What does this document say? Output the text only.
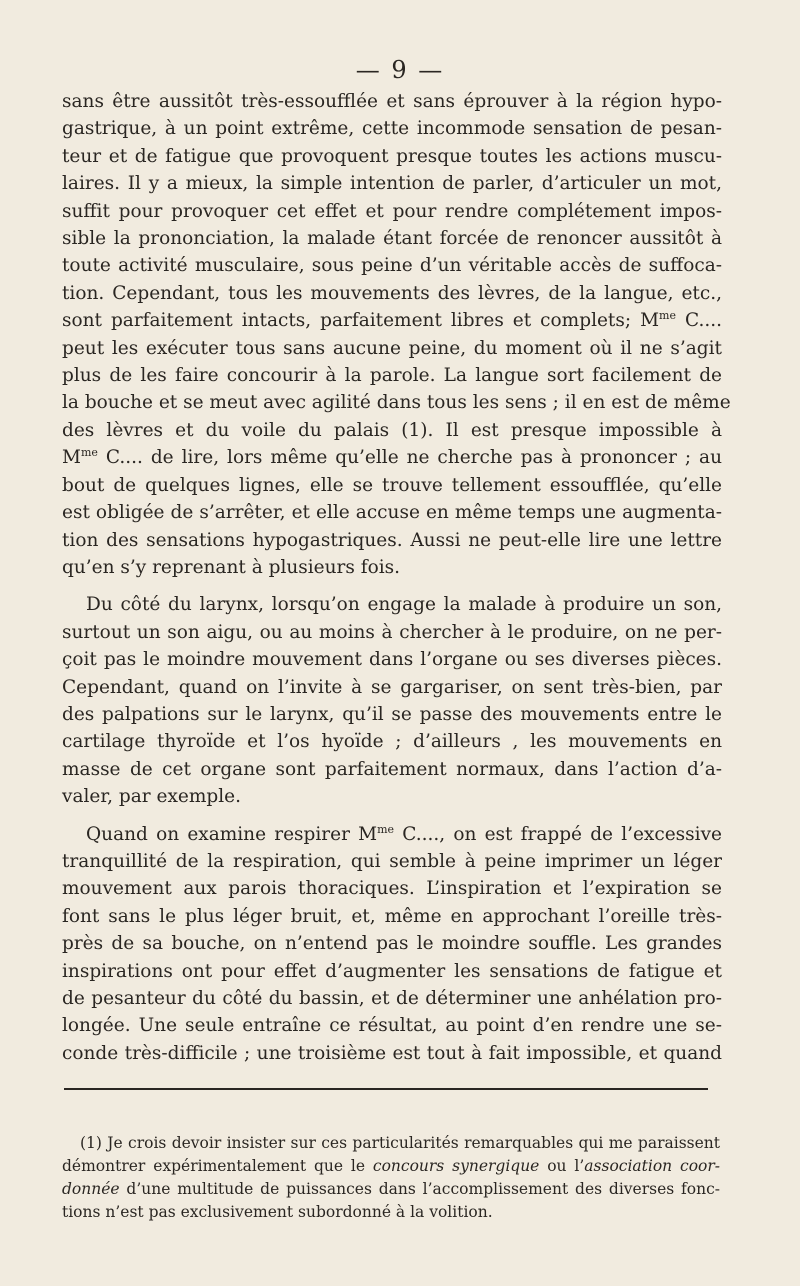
— 9 —

sans être aussitôt très-essoufflée et sans éprouver à la région hypo-
gastrique, à un point extrême, cette incommode sensation de pesan-
teur et de fatigue que provoquent presque toutes les actions muscu-
laires. Il y a mieux, la simple intention de parler, d’articuler un mot,
suffit pour provoquer cet effet et pour rendre complétement impos-
sible la prononciation, la malade étant forcée de renoncer aussitôt à
toute activité musculaire, sous peine d’un véritable accès de suffoca-
tion. Cependant, tous les mouvements des lèvres, de la langue, etc.,
sont parfaitement intacts, parfaitement libres et complets; $M^{me}$ C....
peut les exécuter tous sans aucune peine, du moment où il ne s’agit
plus de les faire concourir à la parole. La langue sort facilement de
la bouche et se meut avec agilité dans tous les sens ; il en est de même
des lèvres et du voile du palais (1). Il est presque impossible à
$M^{me}$ C.... de lire, lors même qu’elle ne cherche pas à prononcer ; au
bout de quelques lignes, elle se trouve tellement essoufflée, qu’elle
est obligée de s’arrêter, et elle accuse en même temps une augmenta-
tion des sensations hypogastriques. Aussi ne peut-elle lire une lettre
qu’en s’y reprenant à plusieurs fois.

Du côté du larynx, lorsqu’on engage la malade à produire un son,
surtout un son aigu, ou au moins à chercher à le produire, on ne per-
çoit pas le moindre mouvement dans l’organe ou ses diverses pièces.
Cependant, quand on l’invite à se gargariser, on sent très-bien, par
des palpations sur le larynx, qu’il se passe des mouvements entre le
cartilage thyroïde et l’os hyoïde ; d’ailleurs , les mouvements en
masse de cet organe sont parfaitement normaux, dans l’action d’a-
valer, par exemple.

Quand on examine respirer $M^{me}$ C...., on est frappé de l’excessive
tranquillité de la respiration, qui semble à peine imprimer un léger
mouvement aux parois thoraciques. L’inspiration et l’expiration se
font sans le plus léger bruit, et, même en approchant l’oreille très-
près de sa bouche, on n’entend pas le moindre souffle. Les grandes
inspirations ont pour effet d’augmenter les sensations de fatigue et
de pesanteur du côté du bassin, et de déterminer une anhélation pro-
longée. Une seule entraîne ce résultat, au point d’en rendre une se-
conde très-difficile ; une troisième est tout à fait impossible, et quand

(1) Je crois devoir insister sur ces particularités remarquables qui me paraissent
démontrer expérimentalement que le concours synergique ou l’association coor-
donnée d’une multitude de puissances dans l’accomplissement des diverses fonc-
tions n’est pas exclusivement subordonné à la volition.
